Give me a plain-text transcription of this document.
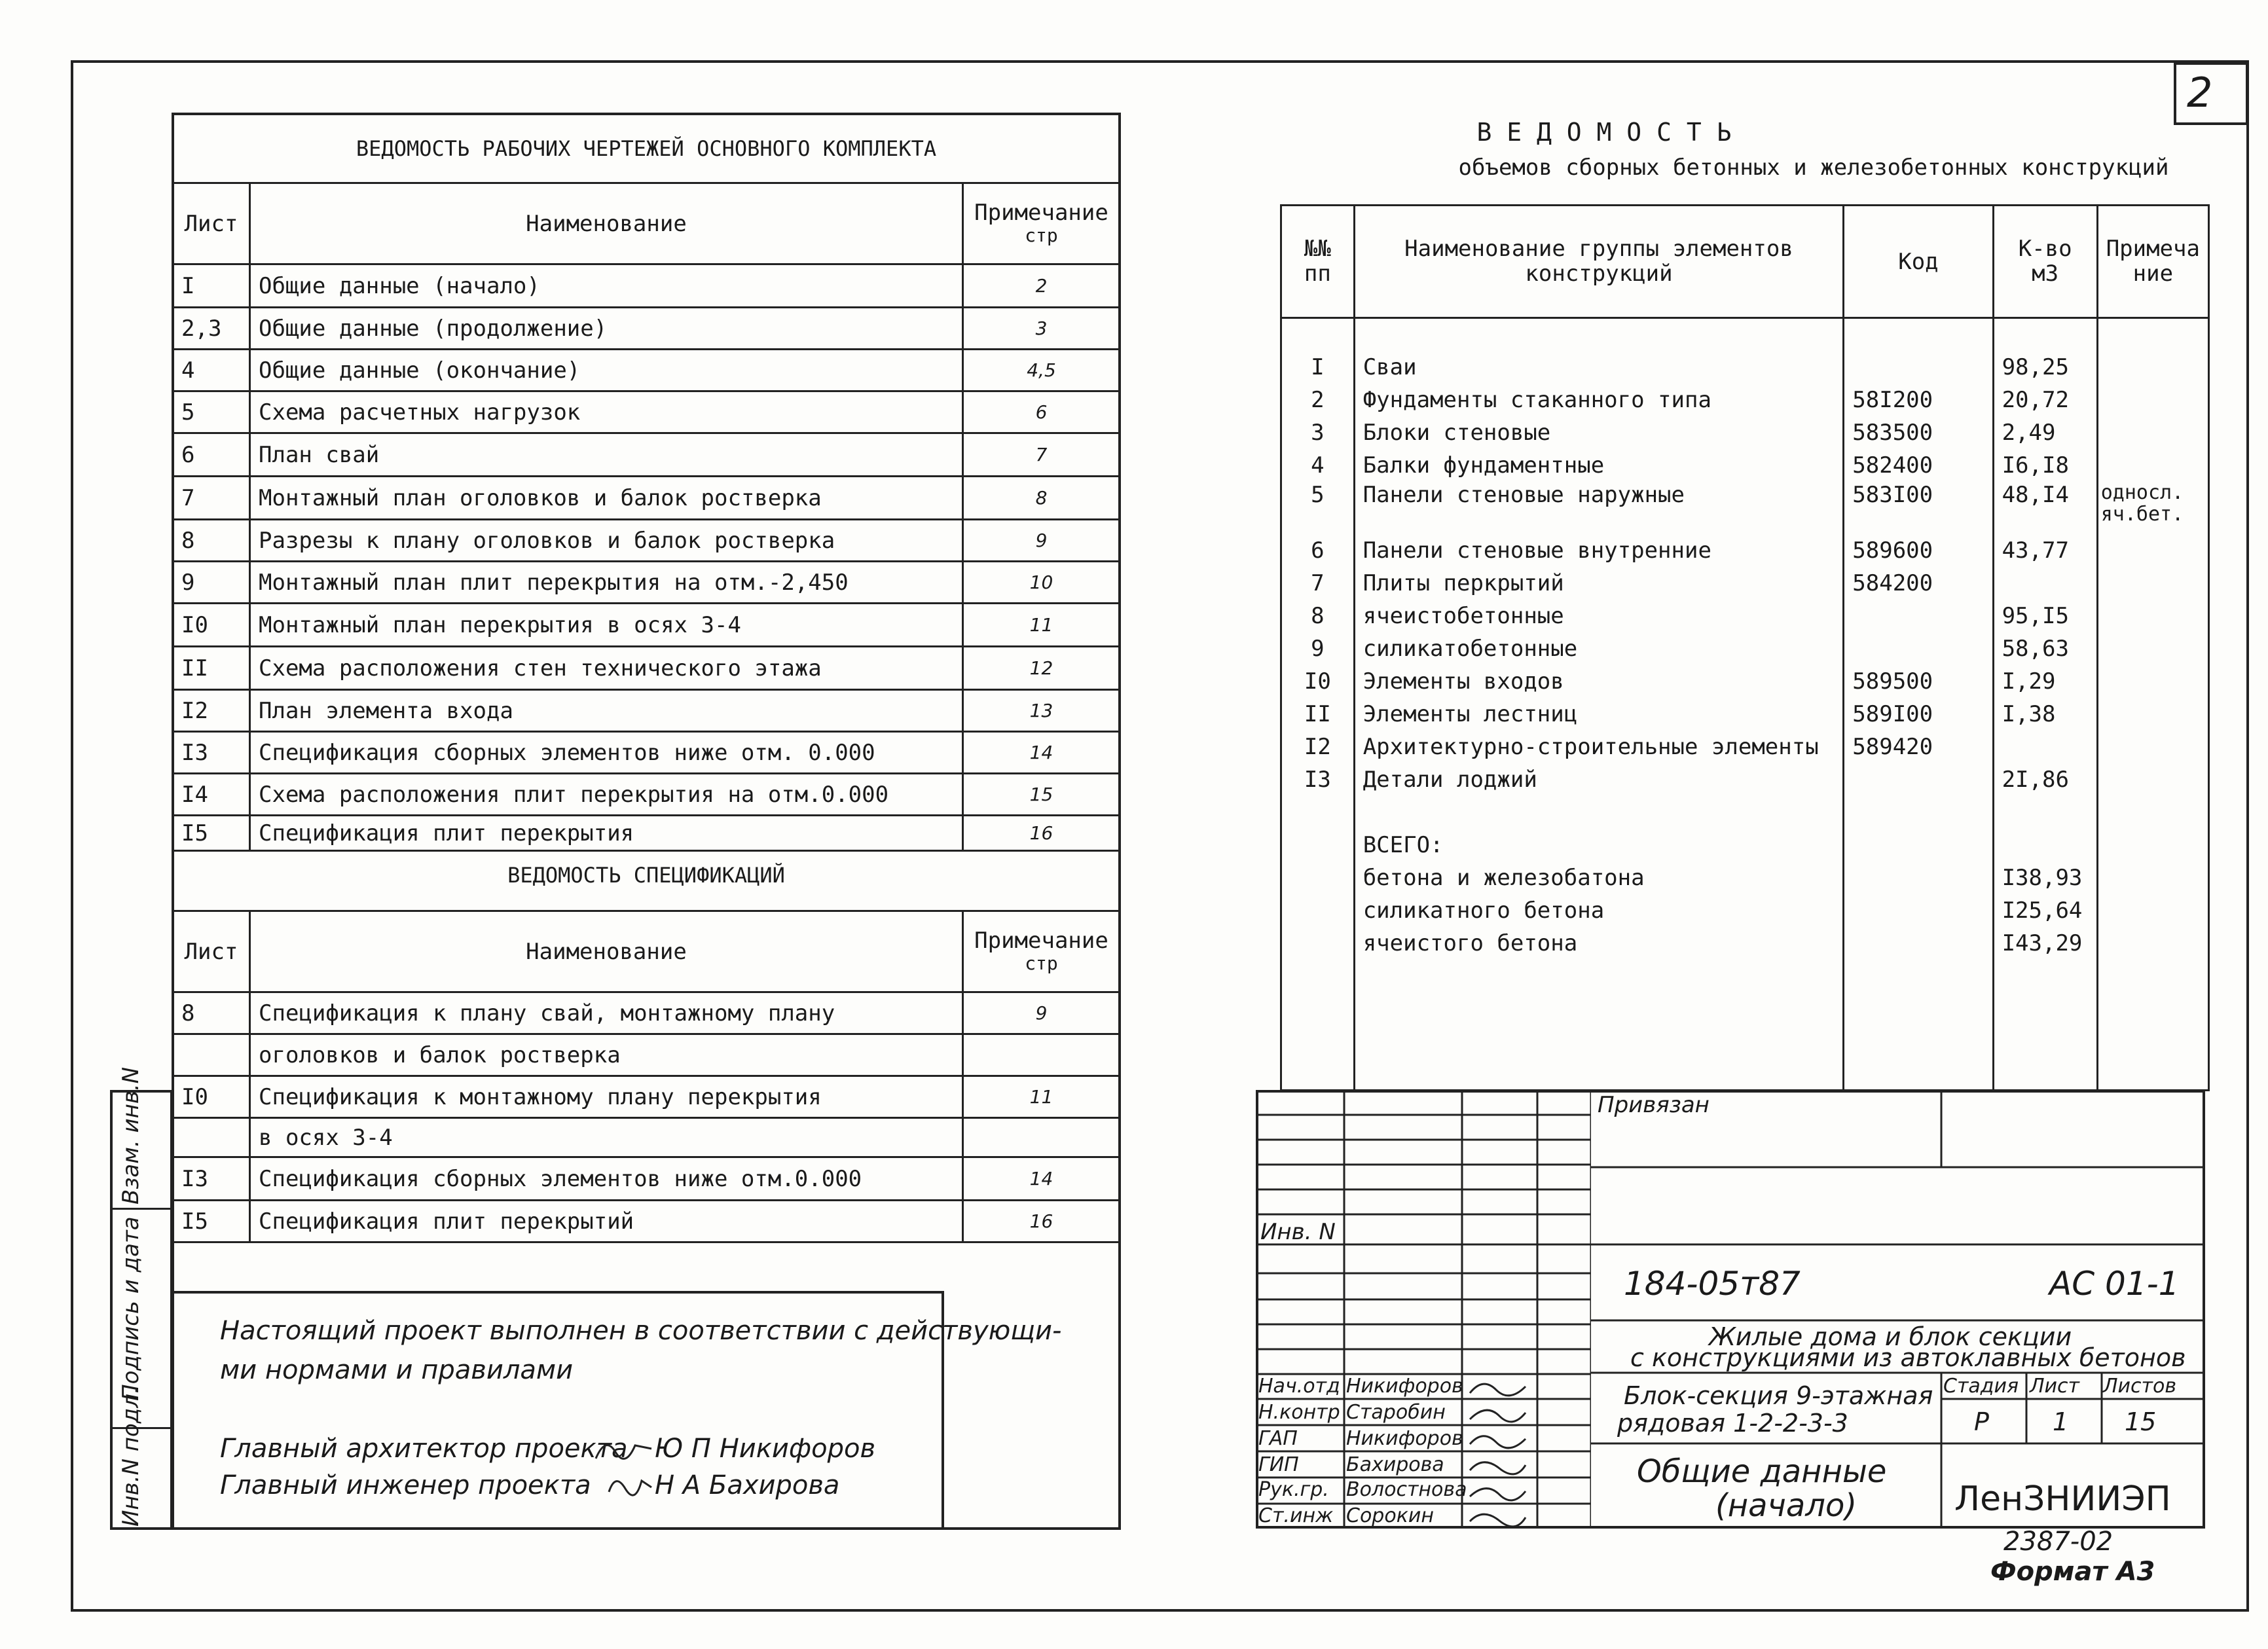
2
ВЕДОМОСТЬ РАБОЧИХ ЧЕРТЕЖЕЙ ОСНОВНОГО КОМПЛЕКТА
Лист	Наименование	Примечание
стр

I	Общие данные (начало)	2
2,3	Общие данные (продолжение)	3
4	Общие данные (окончание)	4,5
5	Схема расчетных нагрузок	6
6	План свай	7
7	Монтажный план оголовков и балок ростверка	8
8	Разрезы к плану оголовков и балок ростверка	9
9	Монтажный план плит перекрытия на отм.-2,450	10
I0	Монтажный план перекрытия в осях 3-4	11
II	Схема расположения стен технического этажа	12
I2	План элемента входа	13
I3	Спецификация сборных элементов ниже отм. 0.000	14
I4	Схема расположения плит перекрытия на отм.0.000	15
I5	Спецификация плит перекрытия	16
ВЕДОМОСТЬ СПЕЦИФИКАЦИЙ
Лист	Наименование	Примечание
стр

8	Спецификация к плану свай, монтажному плану	9
	оголовков и балок ростверка	
I0	Спецификация к монтажному плану перекрытия	11
	в осях 3-4	
I3	Спецификация сборных элементов ниже отм.0.000	14
I5	Спецификация плит перекрытий	16
Настоящий проект выполнен в соответствии с действующи-
ми нормами и правилами
Главный архитектор проекта Ю П Никифоров
Главный инженер проекта Н А Бахирова
Инв.N подл.
Подпись и дата
Взам. инв.N
В Е Д О М О С Т Ь
объемов сборных бетонных и железобетонных конструкций
№№ пп	Наименование группы элементов конструкций	Код	К-во м3	Примеча ние

I	Сваи		98,25	
2	Фундаменты стаканного типа	58I200	20,72	
3	Блоки стеновые	583500	2,49	
4	Балки фундаментные	582400	I6,I8	
5	Панели стеновые наружные	583I00	48,I4	односл. яч.бет.
6	Панели стеновые внутренние	589600	43,77	
7	Плиты перкрытий	584200		
8	ячеистобетонные		95,I5	
9	силикатобетонные		58,63	
I0	Элементы входов	589500	I,29	
II	Элементы лестниц	589I00	I,38	
I2	Архитектурно-строительные элементы	589420		
I3	Детали лоджий		2I,86	

	ВСЕГО:			
	бетона и железобатона		I38,93	
	силикатного бетона		I25,64	
	ячеистого бетона		I43,29	

Инв. N
Нач.отд Никифоров
Н.контр Старобин
ГАП Никифоров
ГИП Бахирова
Рук.гр. Волостнова
Ст.инж Сорокин
Привязан
184-05т87	АС 01-1
Жилые дома и блок секции
с конструкциями из автоклавных бетонов
Блок-секция 9-этажная
рядовая 1-2-2-3-3
Стадия Лист Листов
Р	1 15
Общие данные
(начало)	ЛенЗНИИЭП
2387-02
Формат А3
